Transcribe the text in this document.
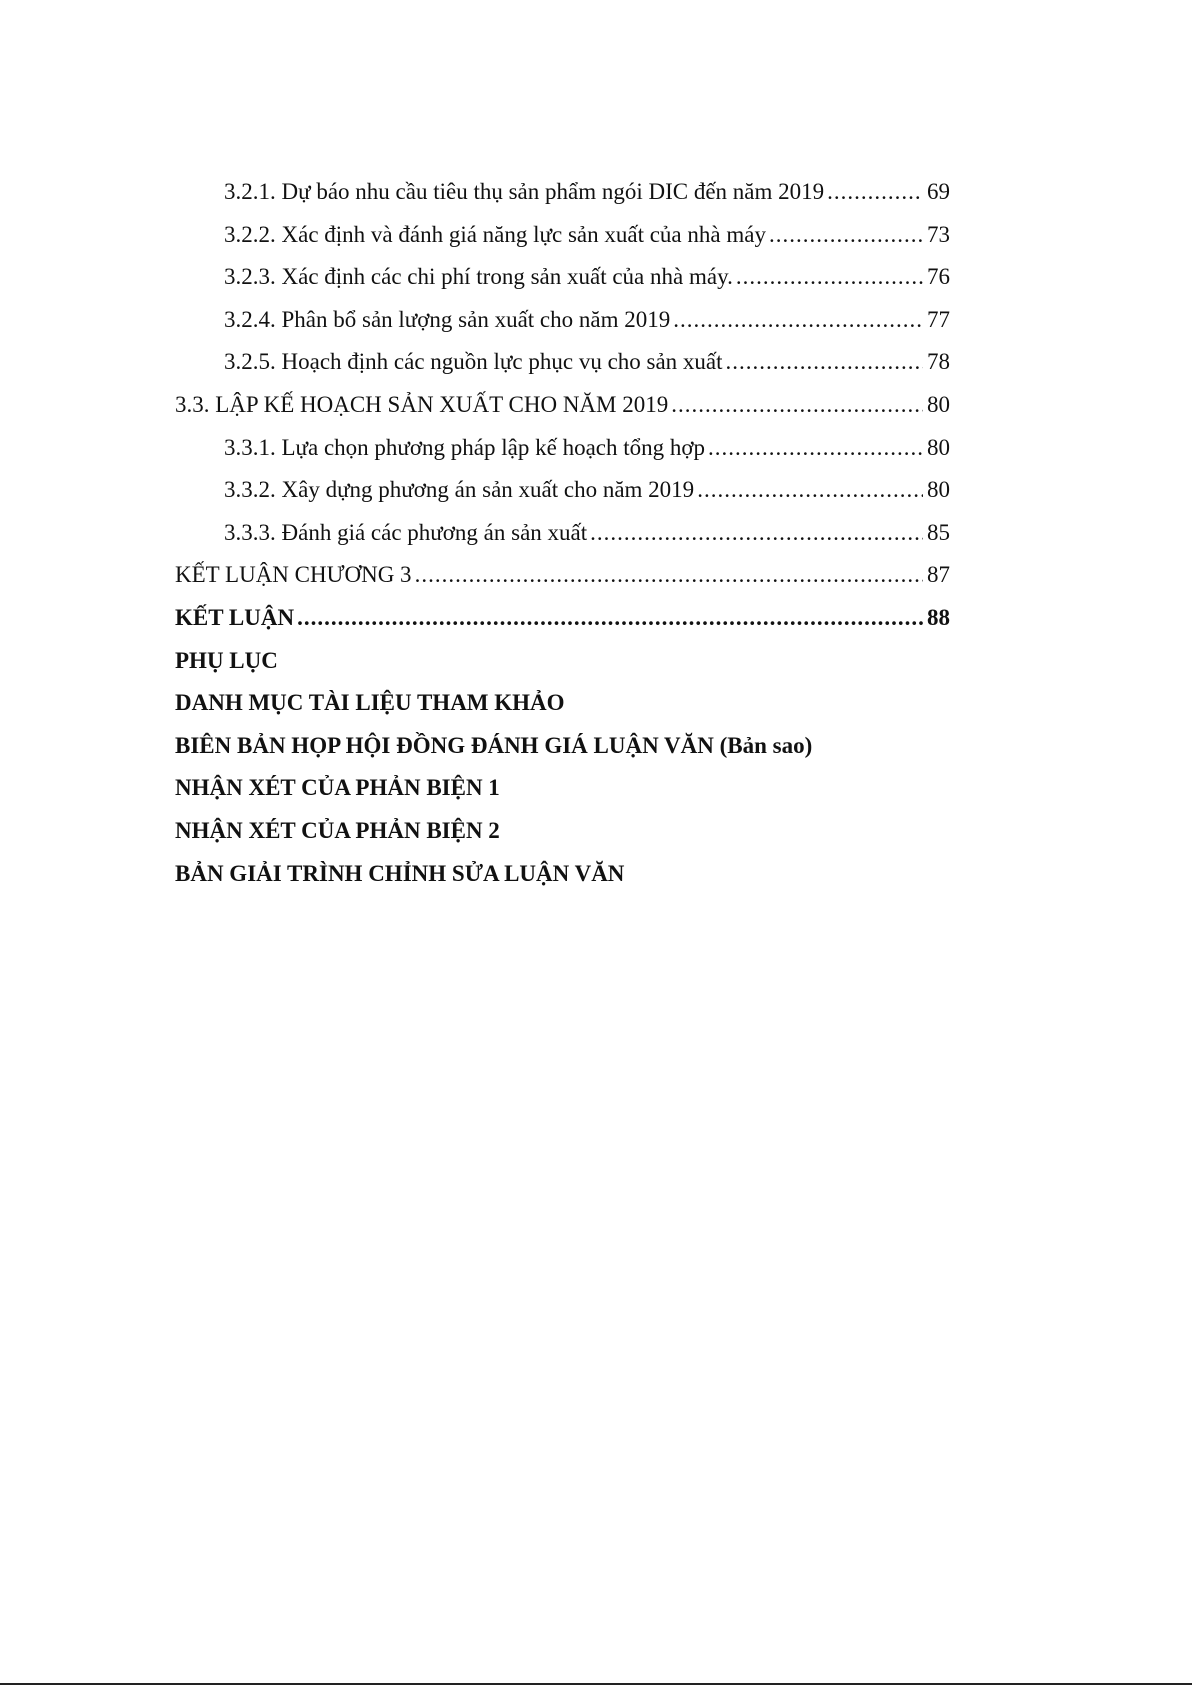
3.2.1. Dự báo nhu cầu tiêu thụ sản phẩm ngói DIC đến năm 2019 .....	69
3.2.2. Xác định và đánh giá năng lực sản xuất của nhà máy .....	73
3.2.3. Xác định các chi phí trong sản xuất của nhà máy. .....	76
3.2.4. Phân bổ sản lượng sản xuất cho năm 2019 .....	77
3.2.5. Hoạch định các nguồn lực phục vụ cho sản xuất .....	78
3.3. LẬP KẾ HOẠCH SẢN XUẤT CHO NĂM 2019 .....	80
3.3.1. Lựa chọn phương pháp lập kế hoạch tổng hợp .....	80
3.3.2. Xây dựng phương án sản xuất cho năm 2019 .....	80
3.3.3. Đánh giá các phương án sản xuất .....	85
KẾT LUẬN CHƯƠNG 3 .....	87
KẾT LUẬN .....	88
PHỤ LỤC
DANH MỤC TÀI LIỆU THAM KHẢO
BIÊN BẢN HỌP HỘI ĐỒNG ĐÁNH GIÁ LUẬN VĂN (Bản sao)
NHẬN XÉT CỦA PHẢN BIỆN 1
NHẬN XÉT CỦA PHẢN BIỆN 2
BẢN GIẢI TRÌNH CHỈNH SỬA LUẬN VĂN
